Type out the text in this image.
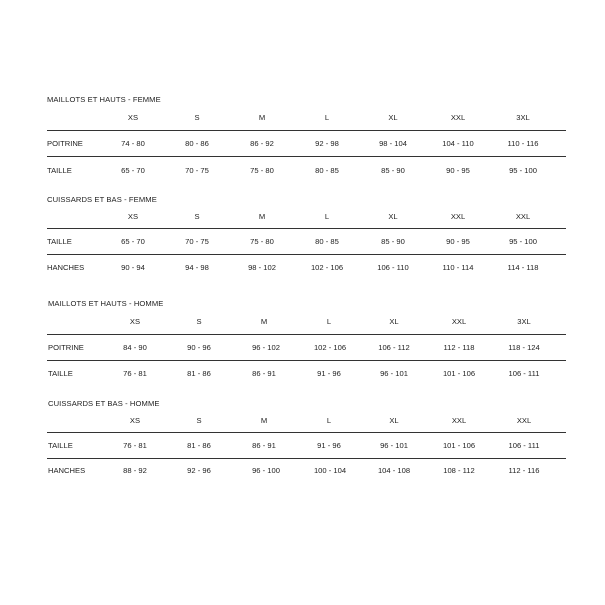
MAILLOTS ET HAUTS - FEMME
XS	S	M	L	XL	XXL	3XL
POITRINE	74 - 80	80 - 86	86 - 92	92 - 98	98 - 104	104 - 110	110 - 116
TAILLE	65 - 70	70 - 75	75 - 80	80 - 85	85 - 90	90 - 95	95 - 100
CUISSARDS ET BAS - FEMME
XS	S	M	L	XL	XXL	XXL
TAILLE	65 - 70	70 - 75	75 - 80	80 - 85	85 - 90	90 - 95	95 - 100
HANCHES	90 - 94	94 - 98	98 - 102	102 - 106	106 - 110	110 - 114	114 - 118
MAILLOTS ET HAUTS - HOMME
XS	S	M	L	XL	XXL	3XL
POITRINE	84 - 90	90 - 96	96 - 102	102 - 106	106 - 112	112 - 118	118 - 124
TAILLE	76 - 81	81 - 86	86 - 91	91 - 96	96 - 101	101 - 106	106 - 111
CUISSARDS ET BAS - HOMME
XS	S	M	L	XL	XXL	XXL
TAILLE	76 - 81	81 - 86	86 - 91	91 - 96	96 - 101	101 - 106	106 - 111
HANCHES	88 - 92	92 - 96	96 - 100	100 - 104	104 - 108	108 - 112	112 - 116
